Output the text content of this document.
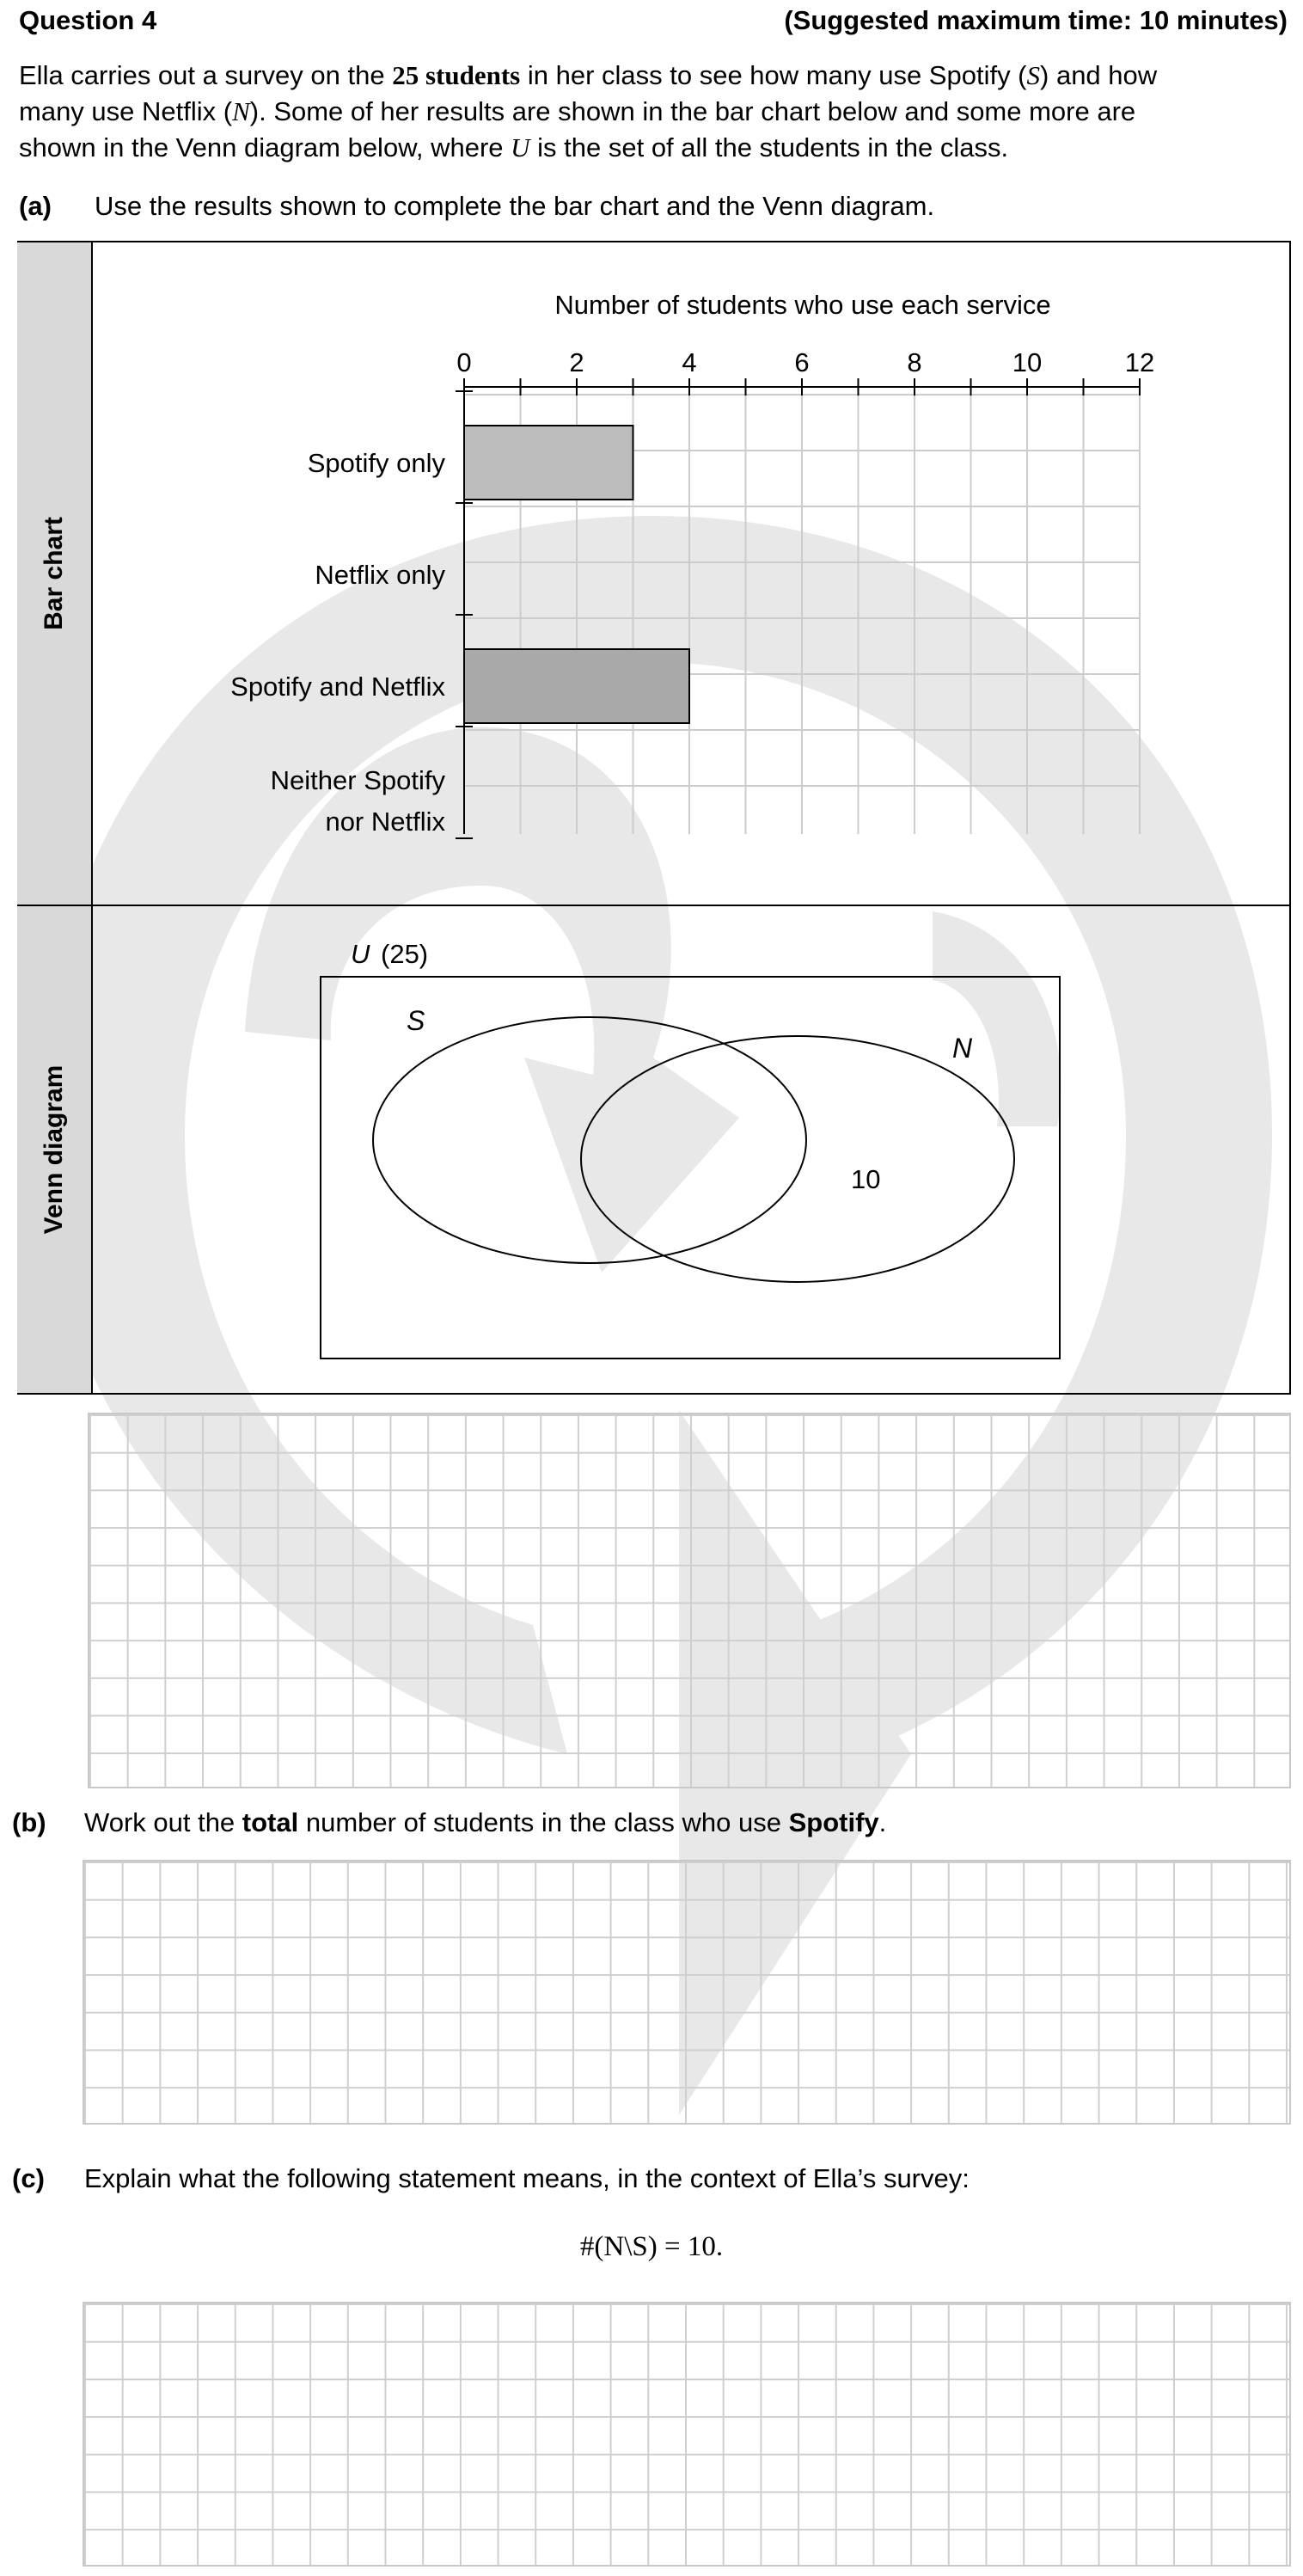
Question 4	(Suggested maximum time: 10 minutes)
Ella carries out a survey on the 25 students in her class to see how many use Spotify (S) and how
many use Netflix (N). Some of her results are shown in the bar chart below and some more are
shown in the Venn diagram below, where U is the set of all the students in the class.
(a) Use the results shown to complete the bar chart and the Venn diagram.
Bar chart
Venn diagram
Number of students who use each service
0	2	4	6	8	10	12
Spotify only
Netflix only
Spotify and Netflix
Neither Spotify
nor Netflix
U (25)
S
N
10
(b) Work out the total number of students in the class who use Spotify.
(c) Explain what the following statement means, in the context of Ella’s survey:
#(N\S) = 10.
